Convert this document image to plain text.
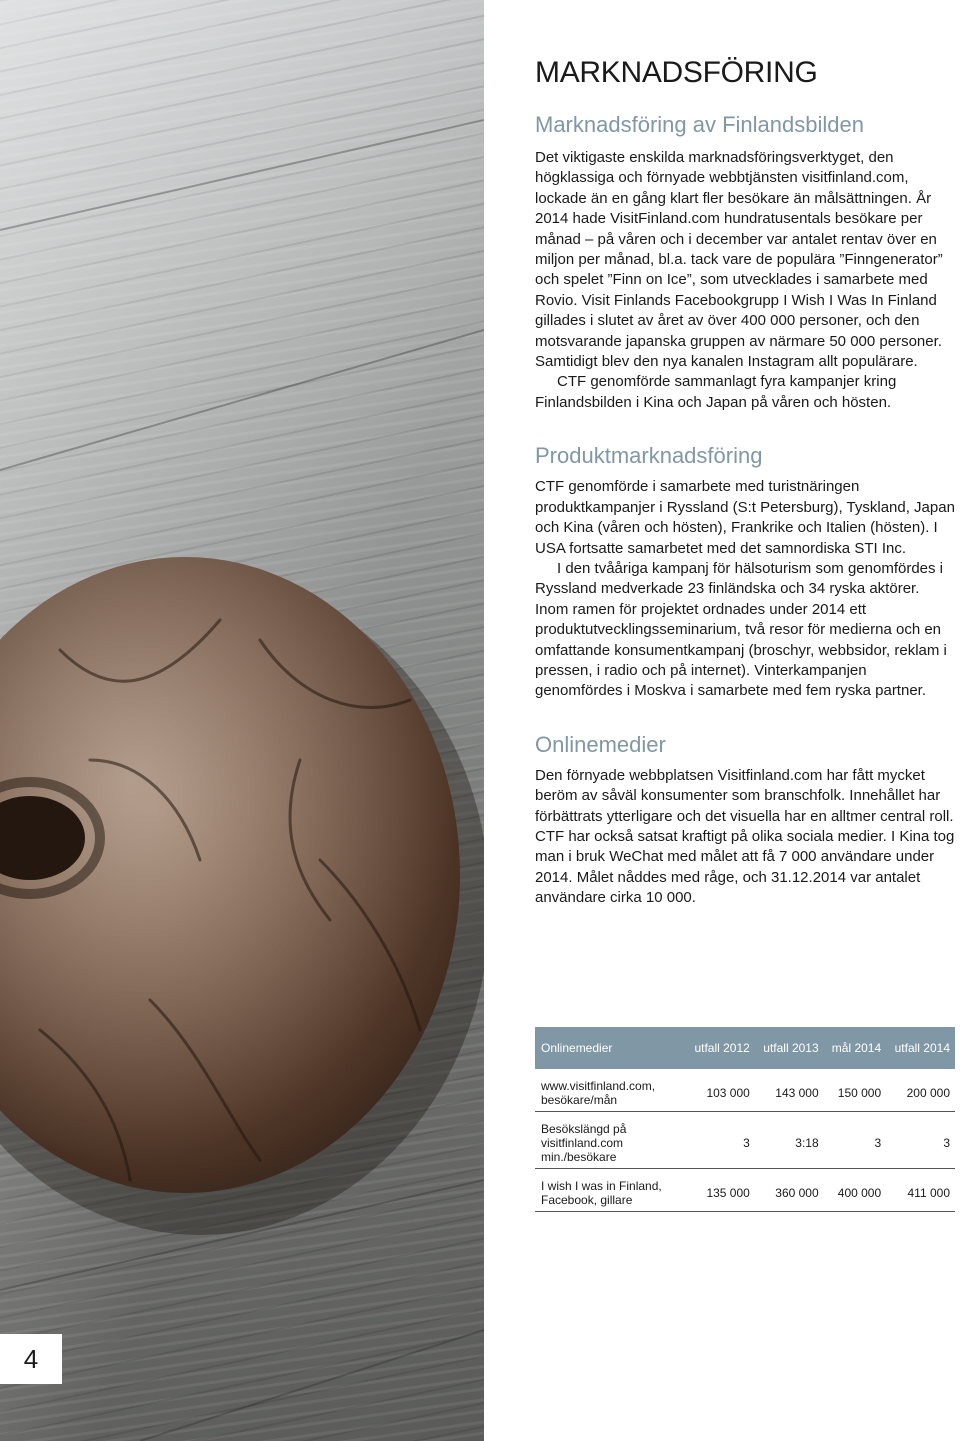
4
MARKNADSFÖRING
Marknadsföring av Finlandsbilden

Det viktigaste enskilda marknadsföringsverktyget, den högklassiga och förnyade webbtjänsten visitfinland.com, lockade än en gång klart fler besökare än målsättningen. År 2014 hade VisitFinland.com hundratusentals besökare per månad – på våren och i december var antalet rentav över en miljon per månad, bl.a. tack vare de populära ”Finngenerator” och spelet ”Finn on Ice”, som utvecklades i samarbete med Rovio. Visit Finlands Facebookgrupp I Wish I Was In Finland gillades i slutet av året av över 400 000 personer, och den motsvarande japanska gruppen av närmare 50 000 personer. Samtidigt blev den nya kanalen Instagram allt populärare.

CTF genomförde sammanlagt fyra kampanjer kring Finlandsbilden i Kina och Japan på våren och hösten.

Produktmarknadsföring

CTF genomförde i samarbete med turistnäringen produktkampanjer i Ryssland (S:t Petersburg), Tyskland, Japan och Kina (våren och hösten), Frankrike och Italien (hösten). I USA fortsatte samarbetet med det samnordiska STI Inc.

I den tvååriga kampanj för hälsoturism som genomfördes i Ryssland medverkade 23 finländska och 34 ryska aktörer. Inom ramen för projektet ordnades under 2014 ett produktutvecklingsseminarium, två resor för medierna och en omfattande konsumentkampanj (broschyr, webbsidor, reklam i pressen, i radio och på internet). Vinterkampanjen genomfördes i Moskva i samarbete med fem ryska partner.

Onlinemedier

Den förnyade webbplatsen Visitfinland.com har fått mycket beröm av såväl konsumenter som branschfolk. Innehållet har förbättrats ytterligare och det visuella har en alltmer central roll. CTF har också satsat kraftigt på olika sociala medier. I Kina tog man i bruk WeChat med målet att få 7 000 användare under 2014. Målet nåddes med råge, och 31.12.2014 var antalet användare cirka 10 000.

Onlinemedier	utfall 2012	utfall 2013	mål 2014	utfall 2014

www.visitfinland.com, besökare/mån	103 000	143 000	150 000	200 000

Besökslängd på visitfinland.com min./besökare	3	3:18	3	3

I wish I was in Finland, Facebook, gillare	135 000	360 000	400 000	411 000
